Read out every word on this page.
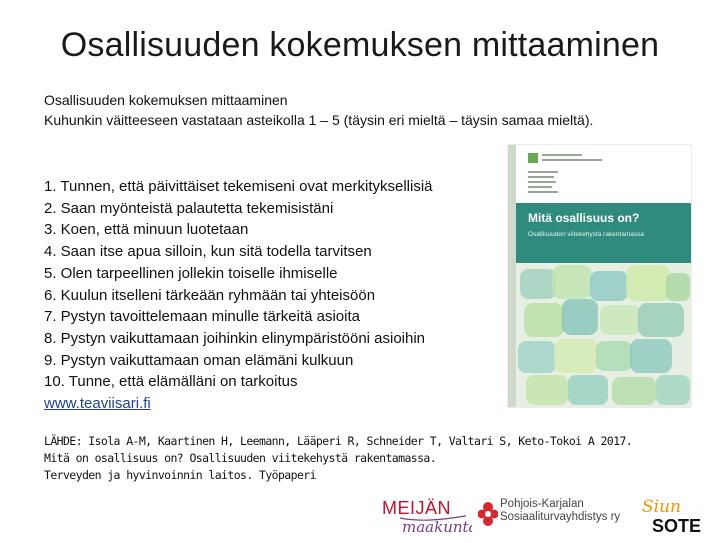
Osallisuuden kokemuksen mittaaminen
Osallisuuden kokemuksen mittaaminen
Kuhunkin väitteeseen vastataan asteikolla 1 – 5 (täysin eri mieltä – täysin samaa mieltä).
1. Tunnen, että päivittäiset tekemiseni ovat merkityksellisiä
2. Saan myönteistä palautetta tekemisistäni
3. Koen, että minuun luotetaan
4. Saan itse apua silloin, kun sitä todella tarvitsen
5. Olen tarpeellinen jollekin toiselle ihmiselle
6. Kuulun itselleni tärkeään ryhmään tai yhteisöön
7. Pystyn tavoittelemaan minulle tärkeitä asioita
8. Pystyn vaikuttamaan joihinkin elinympäristööni asioihin
9. Pystyn vaikuttamaan oman elämäni kulkuun
10. Tunne, että elämälläni on tarkoitus
www.teaviisari.fi
LÄHDE: Isola A-M, Kaartinen H, Leemann, Lääperi R, Schneider T, Valtari S, Keto-Tokoi A 2017.
Mitä on osallisuus on? Osallisuuden viitekehystä rakentamassa.
Terveyden ja hyvinvoinnin laitos. Työpaperi
Mitä osallisuus on?
Osallisuuden viitekehystä rakentamassa
MEIJÄN
maakunta
Pohjois-Karjalan
Sosiaaliturvayhdistys ry Siun
SOTE
